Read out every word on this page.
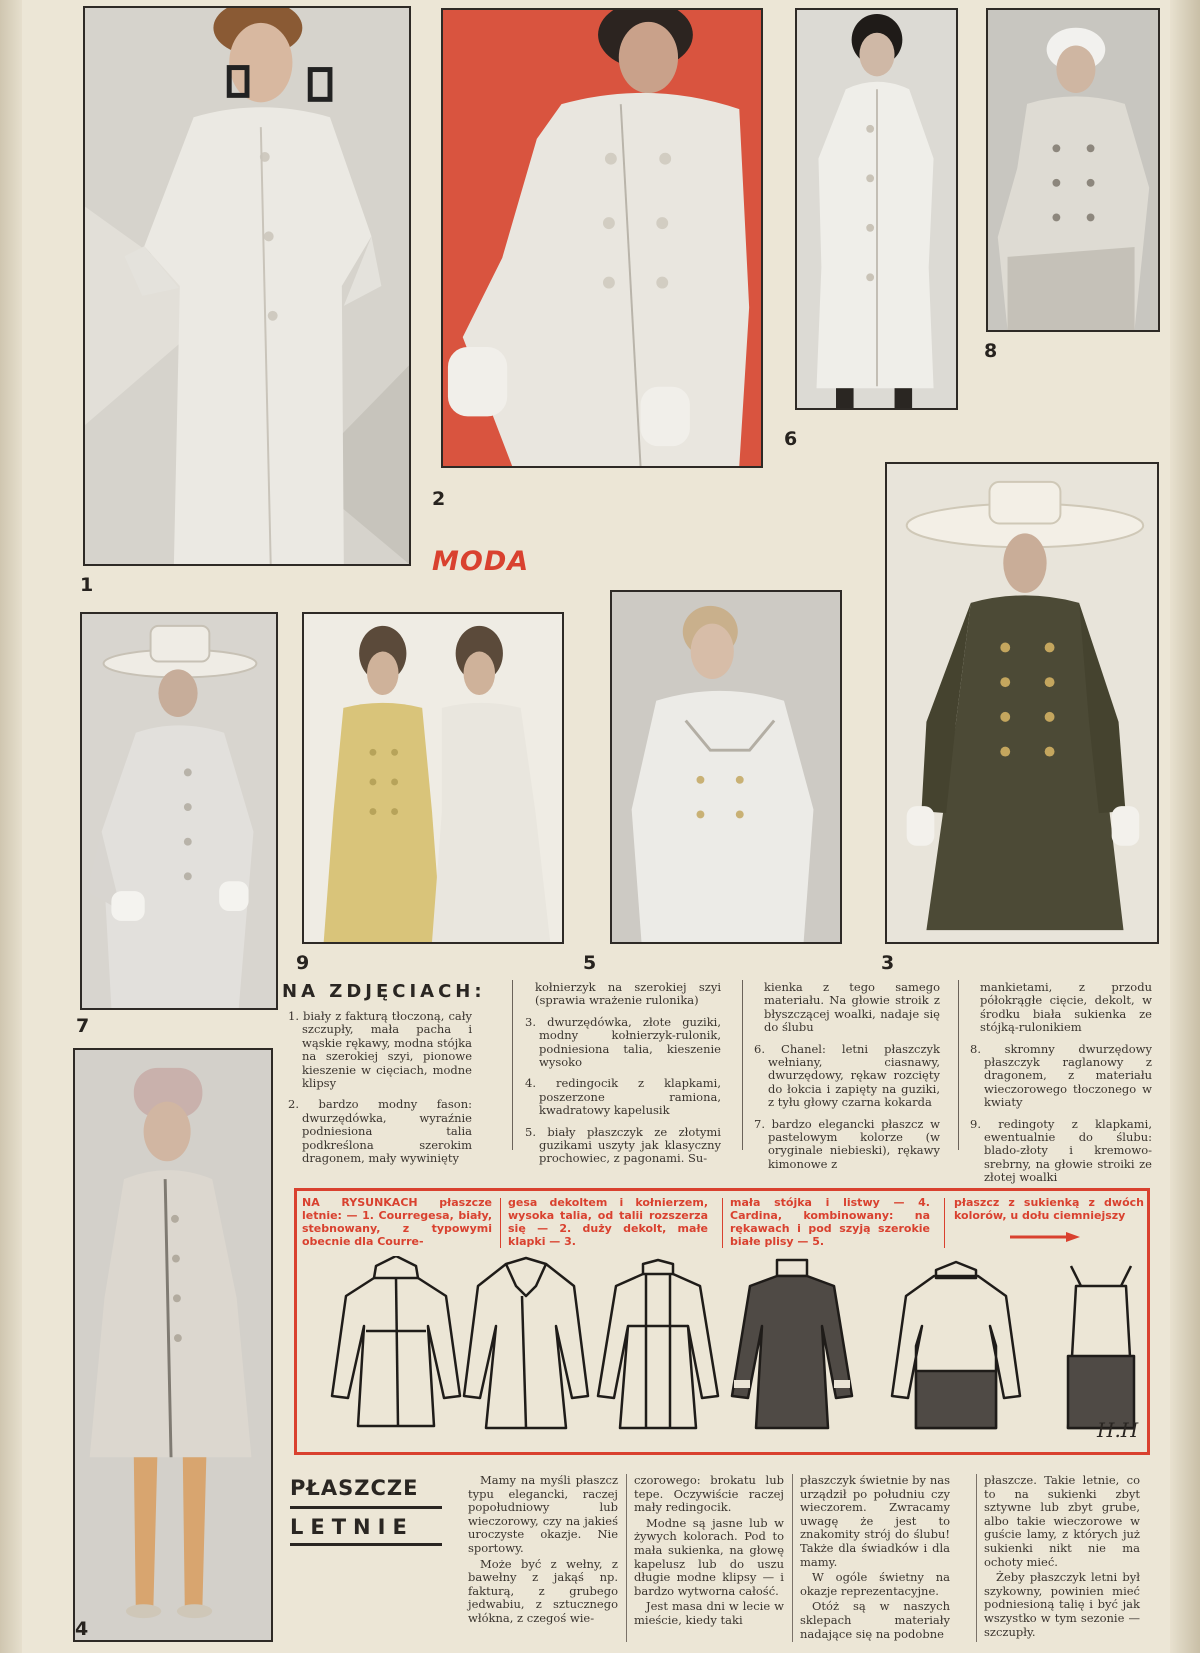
1
2
6
8
MODA
3
7
9	5
4
NA ZDJĘCIACH:
1. biały z fakturą tłoczoną, cały szczupły, mała pacha i wąskie rękawy, modna stójka na szerokiej szyi, pionowe kieszenie w cięciach, modne klipsy
2. bardzo modny fason: dwurzędówka, wyraźnie podniesiona talia podkreślona szerokim dragonem, mały wywinięty

kołnierzyk na szerokiej szyi (sprawia wrażenie rulonika)

3. dwurzędówka, złote guziki, modny kołnierzyk-rulonik, podniesiona talia, kieszenie wysoko
4. redingocik z klapkami, poszerzone ramiona, kwadratowy kapelusik
5. biały płaszczyk ze złotymi guzikami uszyty jak klasyczny prochowiec, z pagonami. Su-

kienka z tego samego materiału. Na głowie stroik z błyszczącej woalki, nadaje się do ślubu

6. Chanel: letni płaszczyk wełniany, ciasnawy, dwurzędowy, rękaw rozcięty do łokcia i zapięty na guziki, z tyłu głowy czarna kokarda
7. bardzo elegancki płaszcz w pastelowym kolorze (w oryginale niebieski), rękawy kimonowe z

mankietami, z przodu półokrągłe cięcie, dekolt, w środku biała sukienka ze stójką-rulonikiem

8. skromny dwurzędowy płaszczyk raglanowy z dragonem, z materiału wieczorowego tłoczonego w kwiaty
9. redingoty z klapkami, ewentualnie do ślubu: blado-złoty i kremowo-srebrny, na głowie stroiki ze złotej woalki
NA RYSUNKACH płaszcze letnie: — 1. Courregesa, biały, stebnowany, z typowymi obecnie dla Courre-
gesa dekoltem i kołnierzem, wysoka talia, od talii rozszerza się — 2. duży dekolt, małe klapki — 3.
mała stójka i listwy — 4. Cardina, kombinowany: na rękawach i pod szyją szerokie białe plisy — 5.
płaszcz z sukienką z dwóch kolorów, u dołu ciemniejszy
H.H
PŁASZCZE
LETNIE

Mamy na myśli płaszcz typu elegancki, raczej popołudniowy lub wieczorowy, czy na jakieś uroczyste okazje. Nie sportowy.

Może być z wełny, z bawełny z jakąś np. fakturą, z grubego jedwabiu, z sztucznego włókna, z czegoś wie-

czorowego: brokatu lub tepe. Oczywiście raczej mały redingocik.

Modne są jasne lub w żywych kolorach. Pod to mała sukienka, na głowę kapelusz lub do uszu długie modne klipsy — i bardzo wytworna całość.

Jest masa dni w lecie w mieście, kiedy taki

płaszczyk świetnie by nas urządził po południu czy wieczorem. Zwracamy uwagę że jest to znakomity strój do ślubu! Także dla świadków i dla mamy.

W ogóle świetny na okazje reprezentacyjne.

Otóż są w naszych sklepach materiały nadające się na podobne

płaszcze. Takie letnie, co to na sukienki zbyt sztywne lub zbyt grube, albo takie wieczorowe w guście lamy, z których już sukienki nikt nie ma ochoty mieć.

Żeby płaszczyk letni był szykowny, powinien mieć podniesioną talię i być jak wszystko w tym sezonie — szczupły.
